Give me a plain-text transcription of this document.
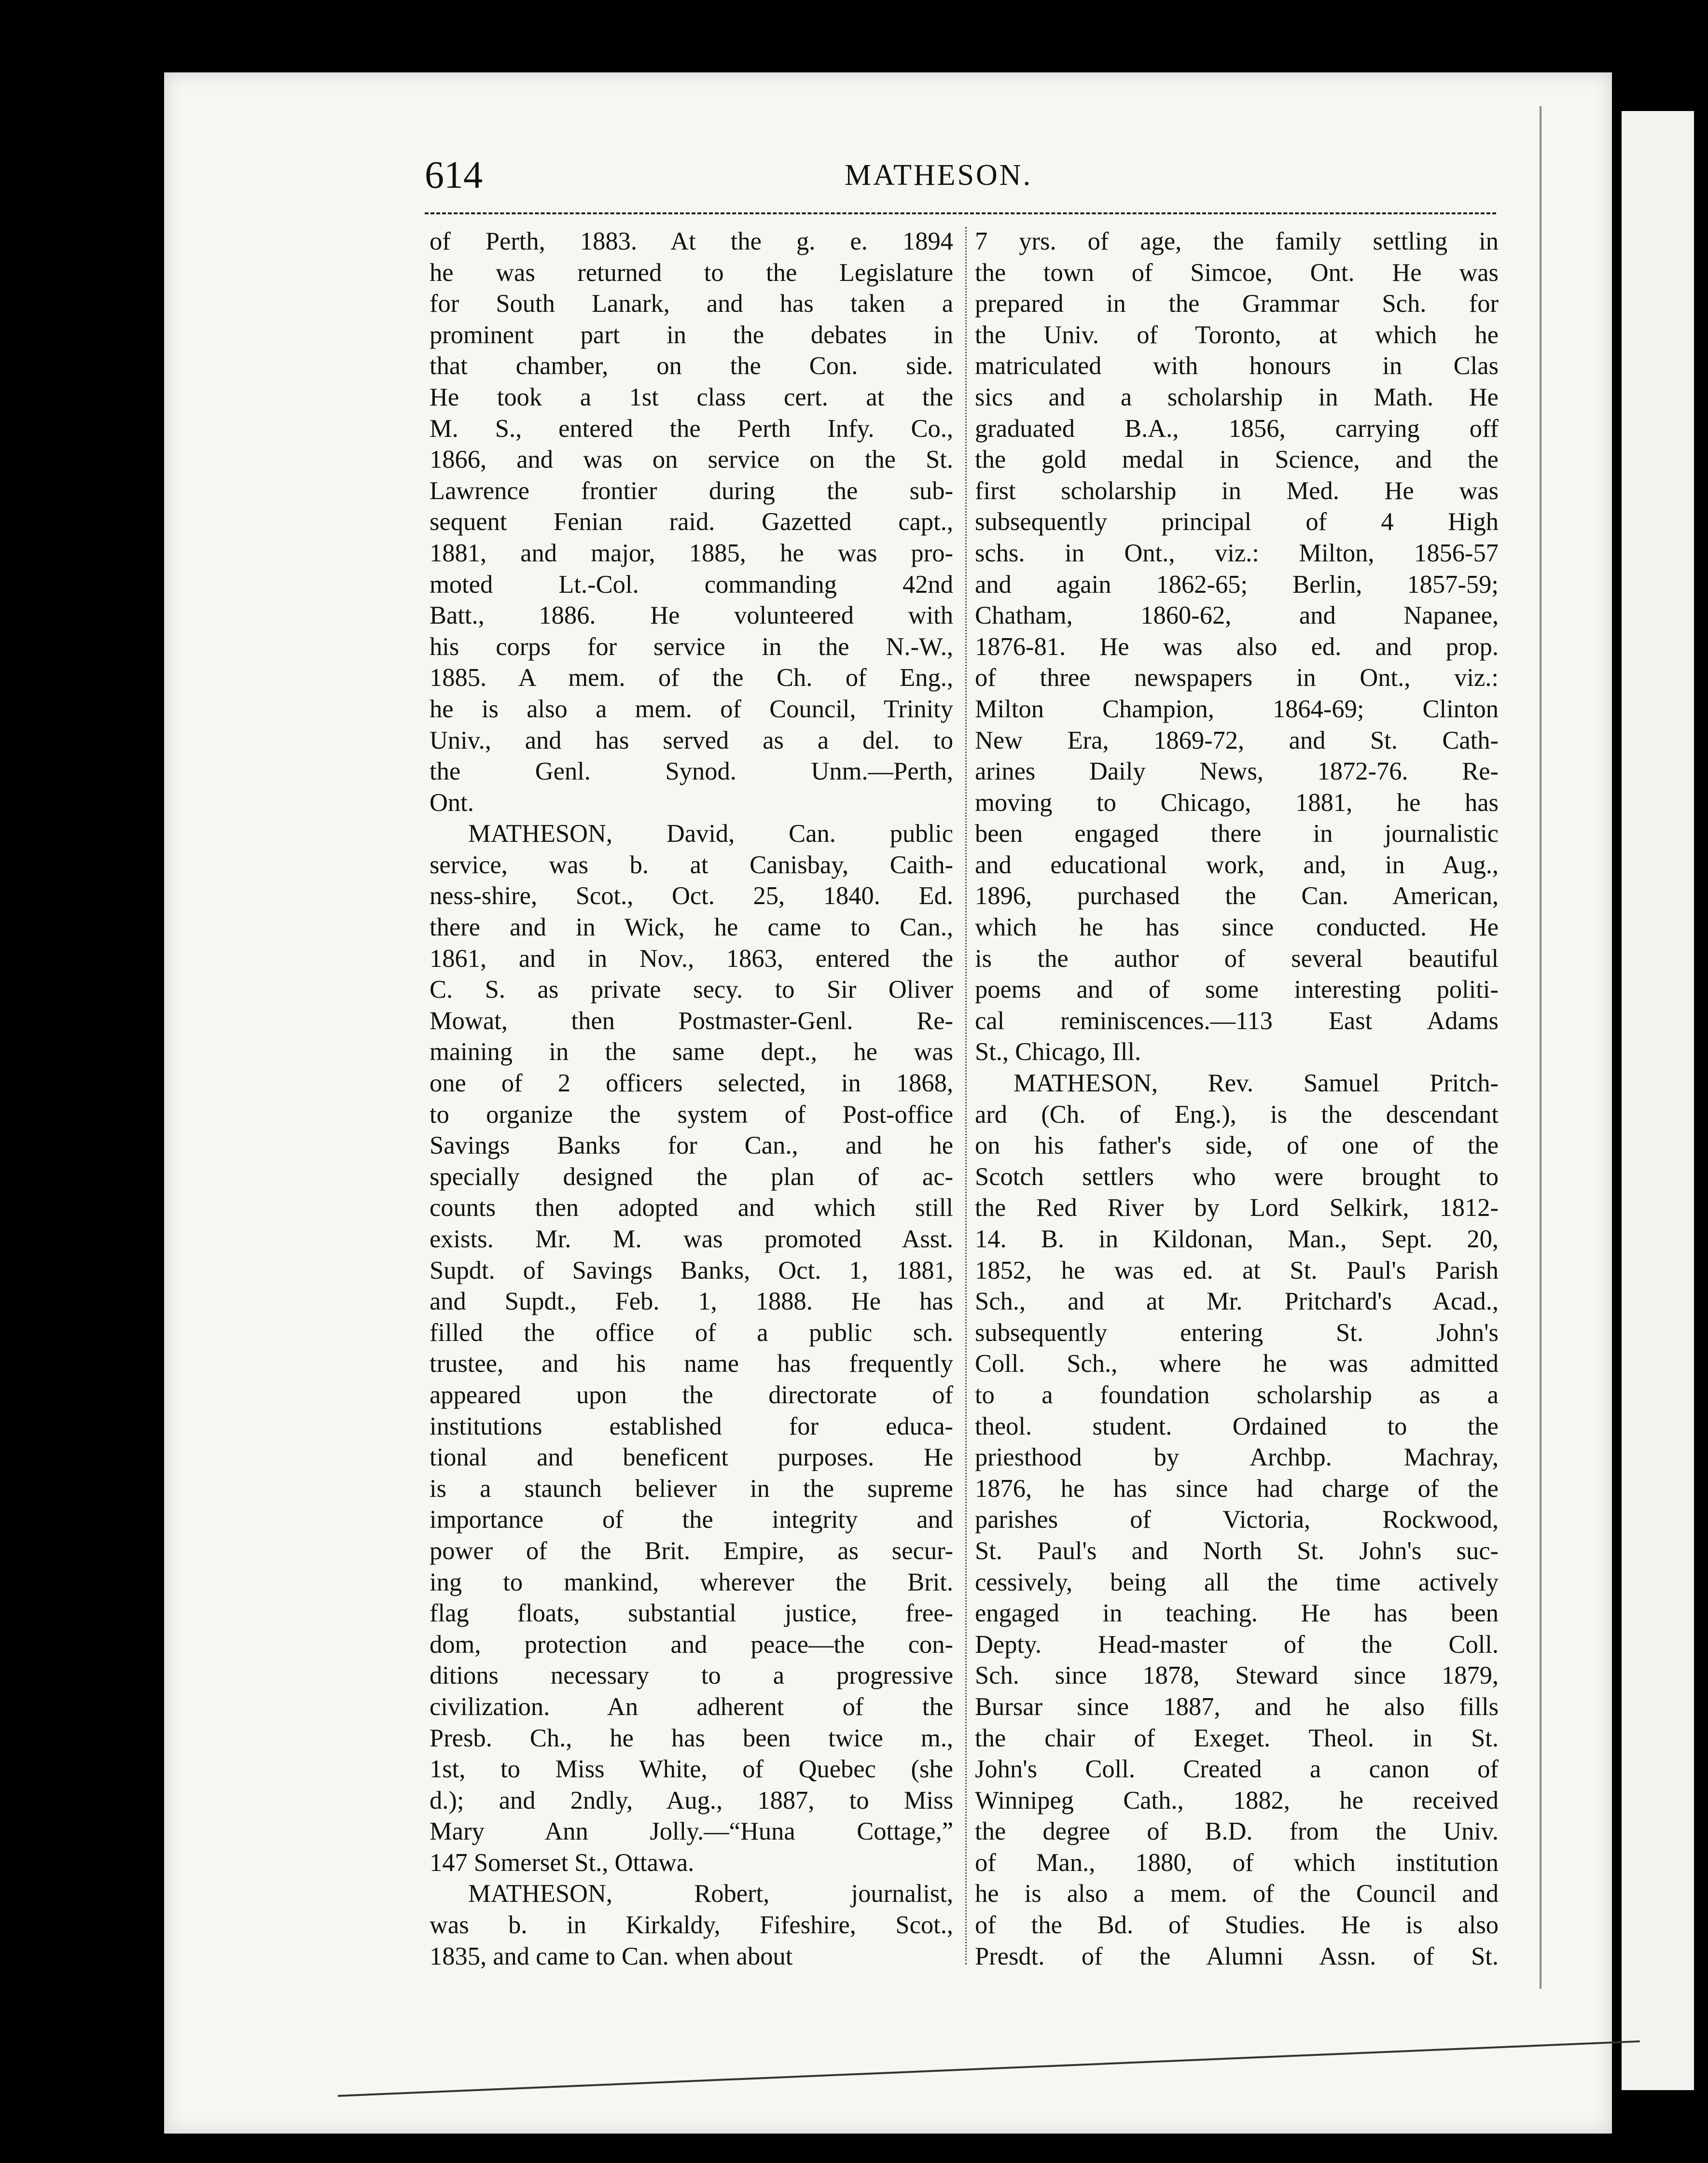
614	MATHESON.
of Perth, 1883. At the g. e. 1894
he was returned to the Legislature
for South Lanark, and has taken a
prominent part in the debates in
that chamber, on the Con. side.
He took a 1st class cert. at the
M. S., entered the Perth Infy. Co.,
1866, and was on service on the St.
Lawrence frontier during the sub-
sequent Fenian raid. Gazetted capt.,
1881, and major, 1885, he was pro-
moted Lt.-Col. commanding 42nd
Batt., 1886. He volunteered with
his corps for service in the N.-W.,
1885. A mem. of the Ch. of Eng.,
he is also a mem. of Council, Trinity
Univ., and has served as a del. to
the Genl. Synod. Unm.—Perth,
Ont.
MATHESON, David, Can. public
service, was b. at Canisbay, Caith-
ness-shire, Scot., Oct. 25, 1840. Ed.
there and in Wick, he came to Can.,
1861, and in Nov., 1863, entered the
C. S. as private secy. to Sir Oliver
Mowat, then Postmaster-Genl. Re-
maining in the same dept., he was
one of 2 officers selected, in 1868,
to organize the system of Post-office
Savings Banks for Can., and he
specially designed the plan of ac-
counts then adopted and which still
exists. Mr. M. was promoted Asst.
Supdt. of Savings Banks, Oct. 1, 1881,
and Supdt., Feb. 1, 1888. He has
filled the office of a public sch.
trustee, and his name has frequently
appeared upon the directorate of
institutions established for educa-
tional and beneficent purposes. He
is a staunch believer in the supreme
importance of the integrity and
power of the Brit. Empire, as secur-
ing to mankind, wherever the Brit.
flag floats, substantial justice, free-
dom, protection and peace—the con-
ditions necessary to a progressive
civilization. An adherent of the
Presb. Ch., he has been twice m.,
1st, to Miss White, of Quebec (she
d.); and 2ndly, Aug., 1887, to Miss
Mary Ann Jolly.—“Huna Cottage,”
147 Somerset St., Ottawa.
MATHESON, Robert, journalist,
was b. in Kirkaldy, Fifeshire, Scot.,
1835, and came to Can. when about
7 yrs. of age, the family settling in
the town of Simcoe, Ont. He was
prepared in the Grammar Sch. for
the Univ. of Toronto, at which he
matriculated with honours in Clas
sics and a scholarship in Math. He
graduated B.A., 1856, carrying off
the gold medal in Science, and the
first scholarship in Med. He was
subsequently principal of 4 High
schs. in Ont., viz.: Milton, 1856-57
and again 1862-65; Berlin, 1857-59;
Chatham, 1860-62, and Napanee,
1876-81. He was also ed. and prop.
of three newspapers in Ont., viz.:
Milton Champion, 1864-69; Clinton
New Era, 1869-72, and St. Cath-
arines Daily News, 1872-76. Re-
moving to Chicago, 1881, he has
been engaged there in journalistic
and educational work, and, in Aug.,
1896, purchased the Can. American,
which he has since conducted. He
is the author of several beautiful
poems and of some interesting politi-
cal reminiscences.—113 East Adams
St., Chicago, Ill.
MATHESON, Rev. Samuel Pritch-
ard (Ch. of Eng.), is the descendant
on his father's side, of one of the
Scotch settlers who were brought to
the Red River by Lord Selkirk, 1812-
14. B. in Kildonan, Man., Sept. 20,
1852, he was ed. at St. Paul's Parish
Sch., and at Mr. Pritchard's Acad.,
subsequently entering St. John's
Coll. Sch., where he was admitted
to a foundation scholarship as a
theol. student. Ordained to the
priesthood by Archbp. Machray,
1876, he has since had charge of the
parishes of Victoria, Rockwood,
St. Paul's and North St. John's suc-
cessively, being all the time actively
engaged in teaching. He has been
Depty. Head-master of the Coll.
Sch. since 1878, Steward since 1879,
Bursar since 1887, and he also fills
the chair of Exeget. Theol. in St.
John's Coll. Created a canon of
Winnipeg Cath., 1882, he received
the degree of B.D. from the Univ.
of Man., 1880, of which institution
he is also a mem. of the Council and
of the Bd. of Studies. He is also
Presdt. of the Alumni Assn. of St.
